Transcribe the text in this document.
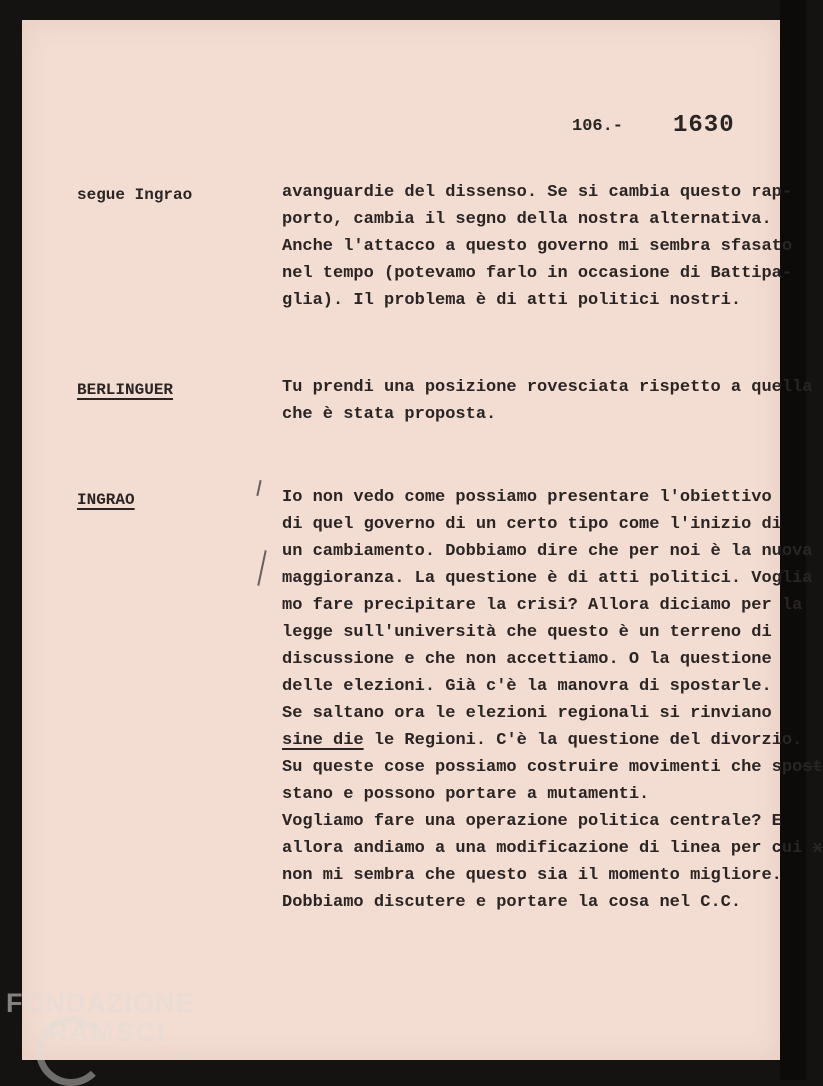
106.- 1630
segue Ingrao	avanguardie del dissenso. Se si cambia questo rap-
porto, cambia il segno della nostra alternativa.
Anche l'attacco a questo governo mi sembra sfasato
nel tempo (potevamo farlo in occasione di Battipa-
glia). Il problema è di atti politici nostri.
BERLINGUER	Tu prendi una posizione rovesciata rispetto a quella
che è stata proposta.
INGRAO	Io non vedo come possiamo presentare l'obiettivo
di quel governo di un certo tipo come l'inizio di
un cambiamento. Dobbiamo dire che per noi è la nuova
maggioranza. La questione è di atti politici. Voglia
mo fare precipitare la crisi? Allora diciamo per la
legge sull'università che questo è un terreno di
discussione e che non accettiamo. O la questione
delle elezioni. Già c'è la manovra di spostarle.
Se saltano ora le elezioni regionali si rinviano
sine die le Regioni. C'è la questione del divorzio.
Su queste cose possiamo costruire movimenti che spost
stano e possono portare a mutamenti.
Vogliamo fare una operazione politica centrale? E
allora andiamo a una modificazione di linea per cui x
non mi sembra che questo sia il momento migliore.
Dobbiamo discutere e portare la cosa nel C.C.
FONDAZIONE
RAMSCI
onlus
